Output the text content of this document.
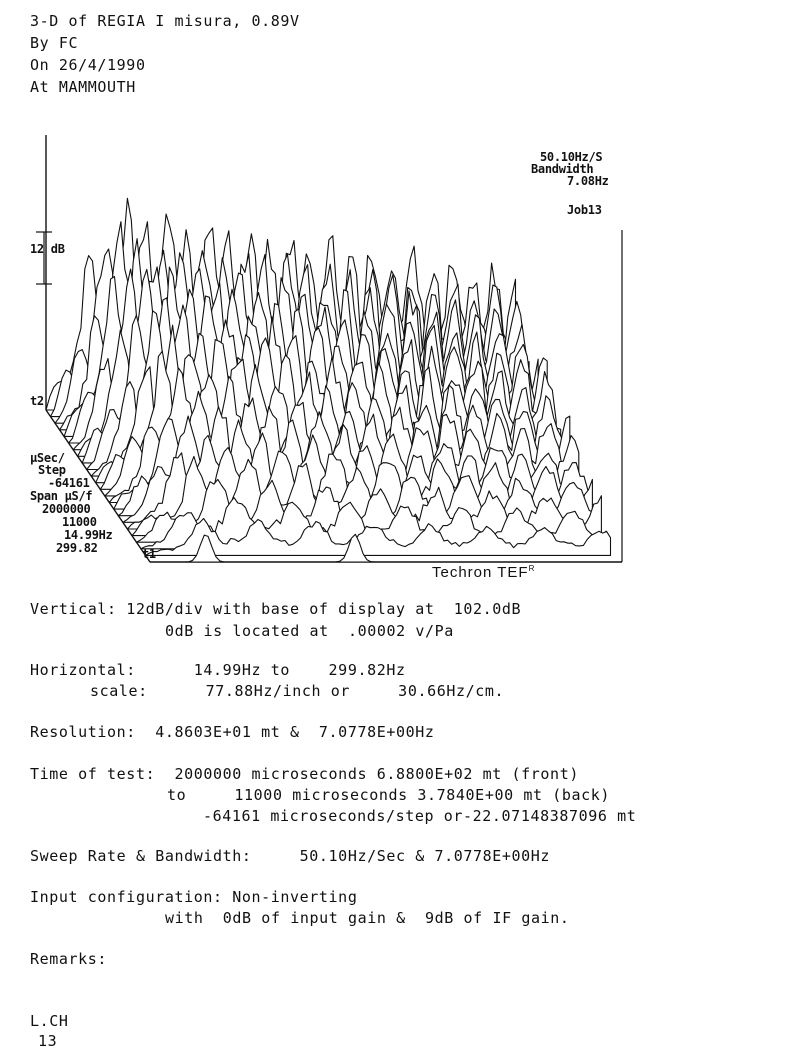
3-D of REGIA I misura, 0.89V
By FC
On 26/4/1990
At MAMMOUTH
12 dB
t2
t1
µSec/
Step
-64161
Span µS/f
2000000
11000
14.99Hz
299.82
50.10Hz/S
Bandwidth
7.08Hz
Job13
Techron $TEF^R$
Vertical: 12dB/div with base of display at  102.0dB
0dB is located at  .00002 v/Pa
Horizontal:      14.99Hz to    299.82Hz
scale:      77.88Hz/inch or     30.66Hz/cm.
Resolution:  4.8603E+01 mt &  7.0778E+00Hz
Time of test:  2000000 microseconds 6.8800E+02 mt (front)
to     11000 microseconds 3.7840E+00 mt (back)
-64161 microseconds/step or-22.07148387096 mt
Sweep Rate & Bandwidth:     50.10Hz/Sec & 7.0778E+00Hz
Input configuration: Non-inverting
with  0dB of input gain &  9dB of IF gain.
Remarks:
L.CH
13
